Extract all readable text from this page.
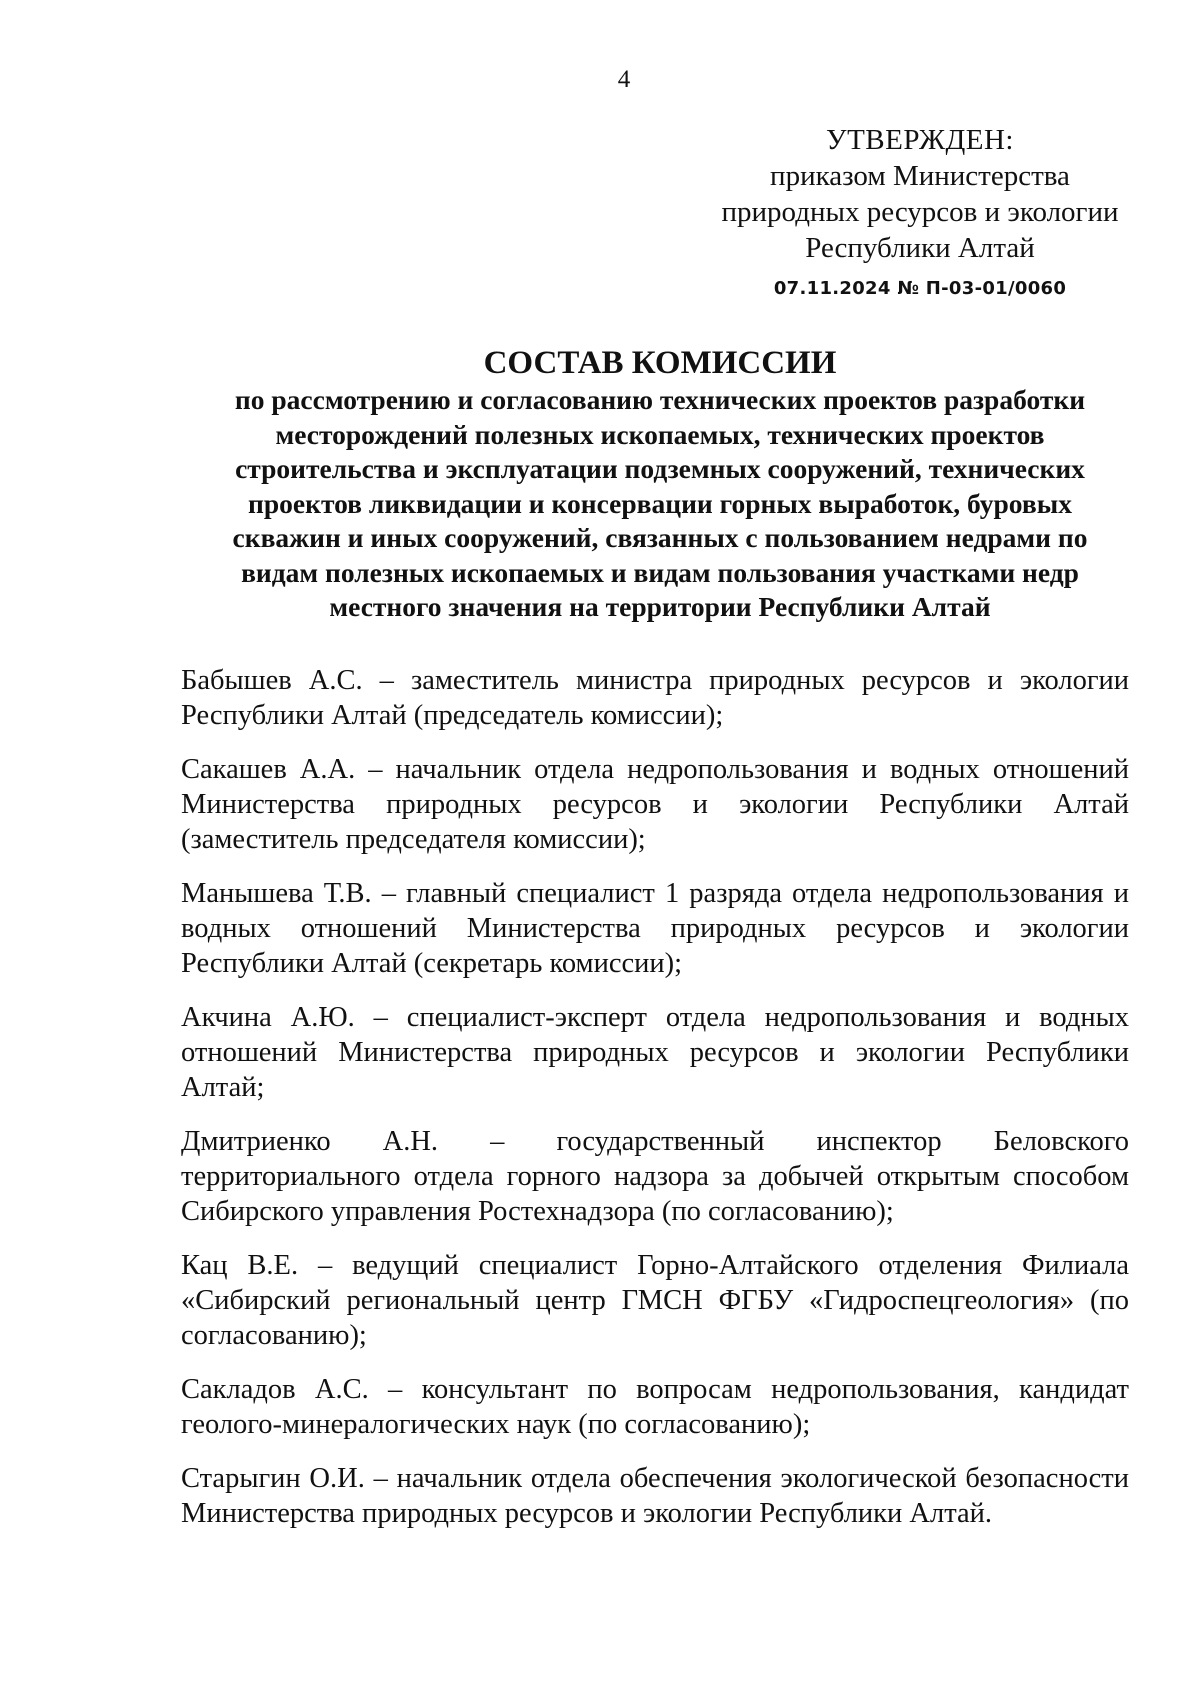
4
УТВЕРЖДЕН:
приказом Министерства
природных ресурсов и экологии
Республики Алтай
07.11.2024 № П-03-01/0060
СОСТАВ КОМИССИИ
по рассмотрению и согласованию технических проектов разработки месторождений полезных ископаемых, технических проектов строительства и эксплуатации подземных сооружений, технических проектов ликвидации и консервации горных выработок, буровых скважин и иных сооружений, связанных с пользованием недрами по видам полезных ископаемых и видам пользования участками недр местного значения на территории Республики Алтай

Бабышев А.С. – заместитель министра природных ресурсов и экологии Республики Алтай (председатель комиссии);

Сакашев А.А. – начальник отдела недропользования и водных отношений Министерства природных ресурсов и экологии Республики Алтай (заместитель председателя комиссии);

Манышева Т.В. – главный специалист 1 разряда отдела недропользования и водных отношений Министерства природных ресурсов и экологии Республики Алтай (секретарь комиссии);

Акчина А.Ю. – специалист-эксперт отдела недропользования и водных отношений Министерства природных ресурсов и экологии Республики Алтай;

Дмитриенко А.Н. – государственный инспектор Беловского территориального отдела горного надзора за добычей открытым способом Сибирского управления Ростехнадзора (по согласованию);

Кац В.Е. – ведущий специалист Горно-Алтайского отделения Филиала «Сибирский региональный центр ГМСН ФГБУ «Гидроспецгеология» (по согласованию);

Сакладов А.С. – консультант по вопросам недропользования, кандидат геолого-минералогических наук (по согласованию);

Старыгин О.И. – начальник отдела обеспечения экологической безопасности Министерства природных ресурсов и экологии Республики Алтай.
